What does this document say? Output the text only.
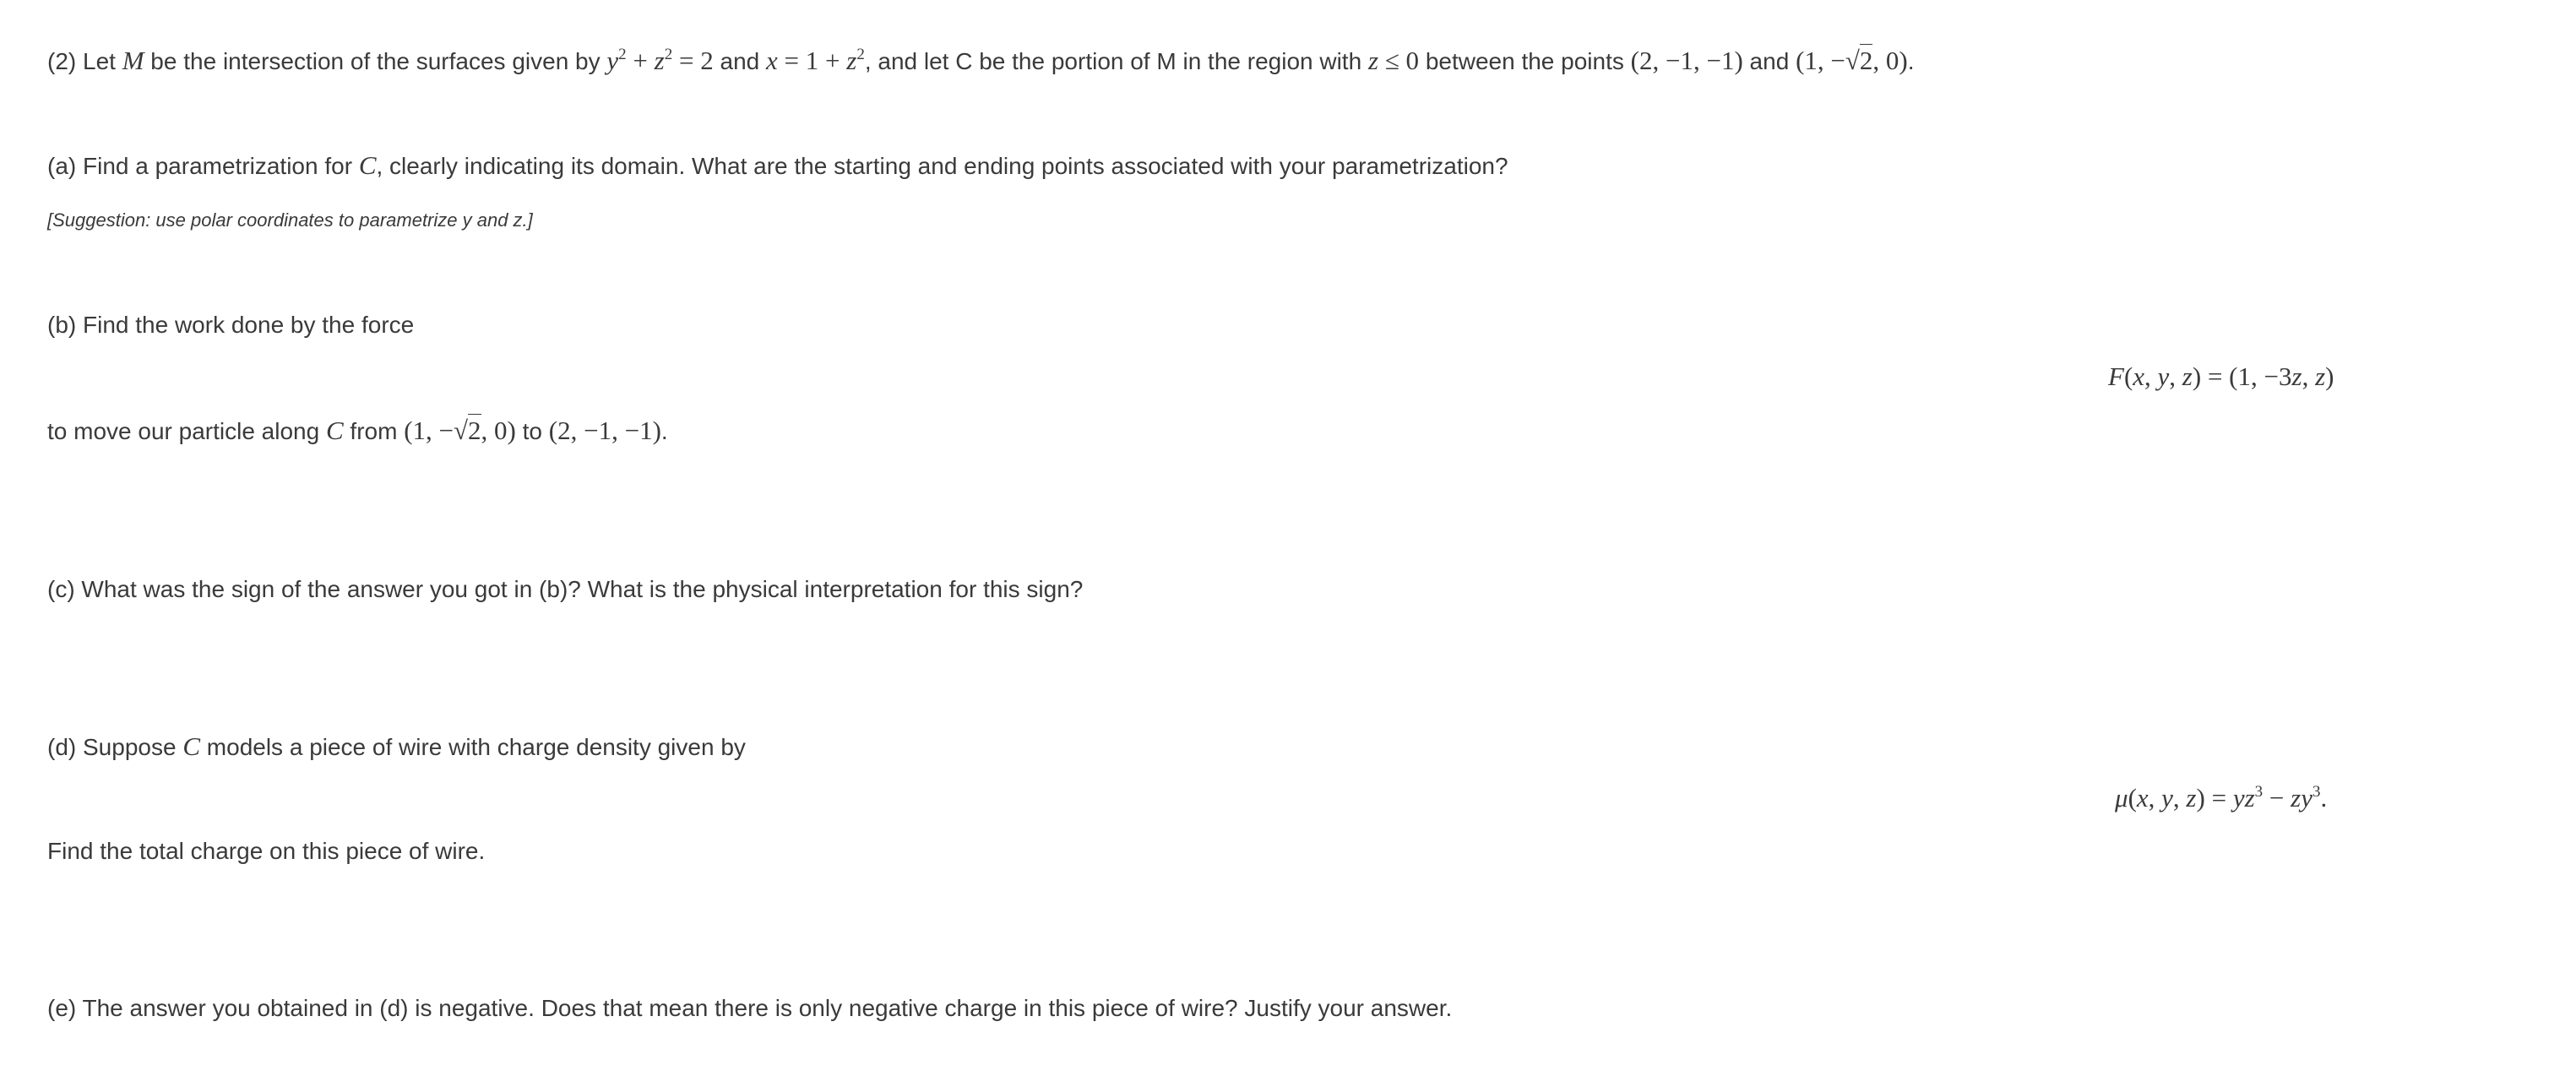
(2) Let M be the intersection of the surfaces given by $y^2 + z^2 = 2$ and $x = 1 + z^2$, and let C be the portion of M in the region with z ≤ 0 between the points (2, −1, −1) and (1, −√2, 0).
(a) Find a parametrization for C, clearly indicating its domain. What are the starting and ending points associated with your parametrization?
[Suggestion: use polar coordinates to parametrize y and z.]
(b) Find the work done by the force
F(x, y, z) = (1, −3z, z)
to move our particle along C from (1, −√2, 0) to (2, −1, −1).
(c) What was the sign of the answer you got in (b)? What is the physical interpretation for this sign?
(d) Suppose C models a piece of wire with charge density given by
μ(x, y, $z) = yz^3 - zy^3$.
Find the total charge on this piece of wire.
(e) The answer you obtained in (d) is negative. Does that mean there is only negative charge in this piece of wire? Justify your answer.
